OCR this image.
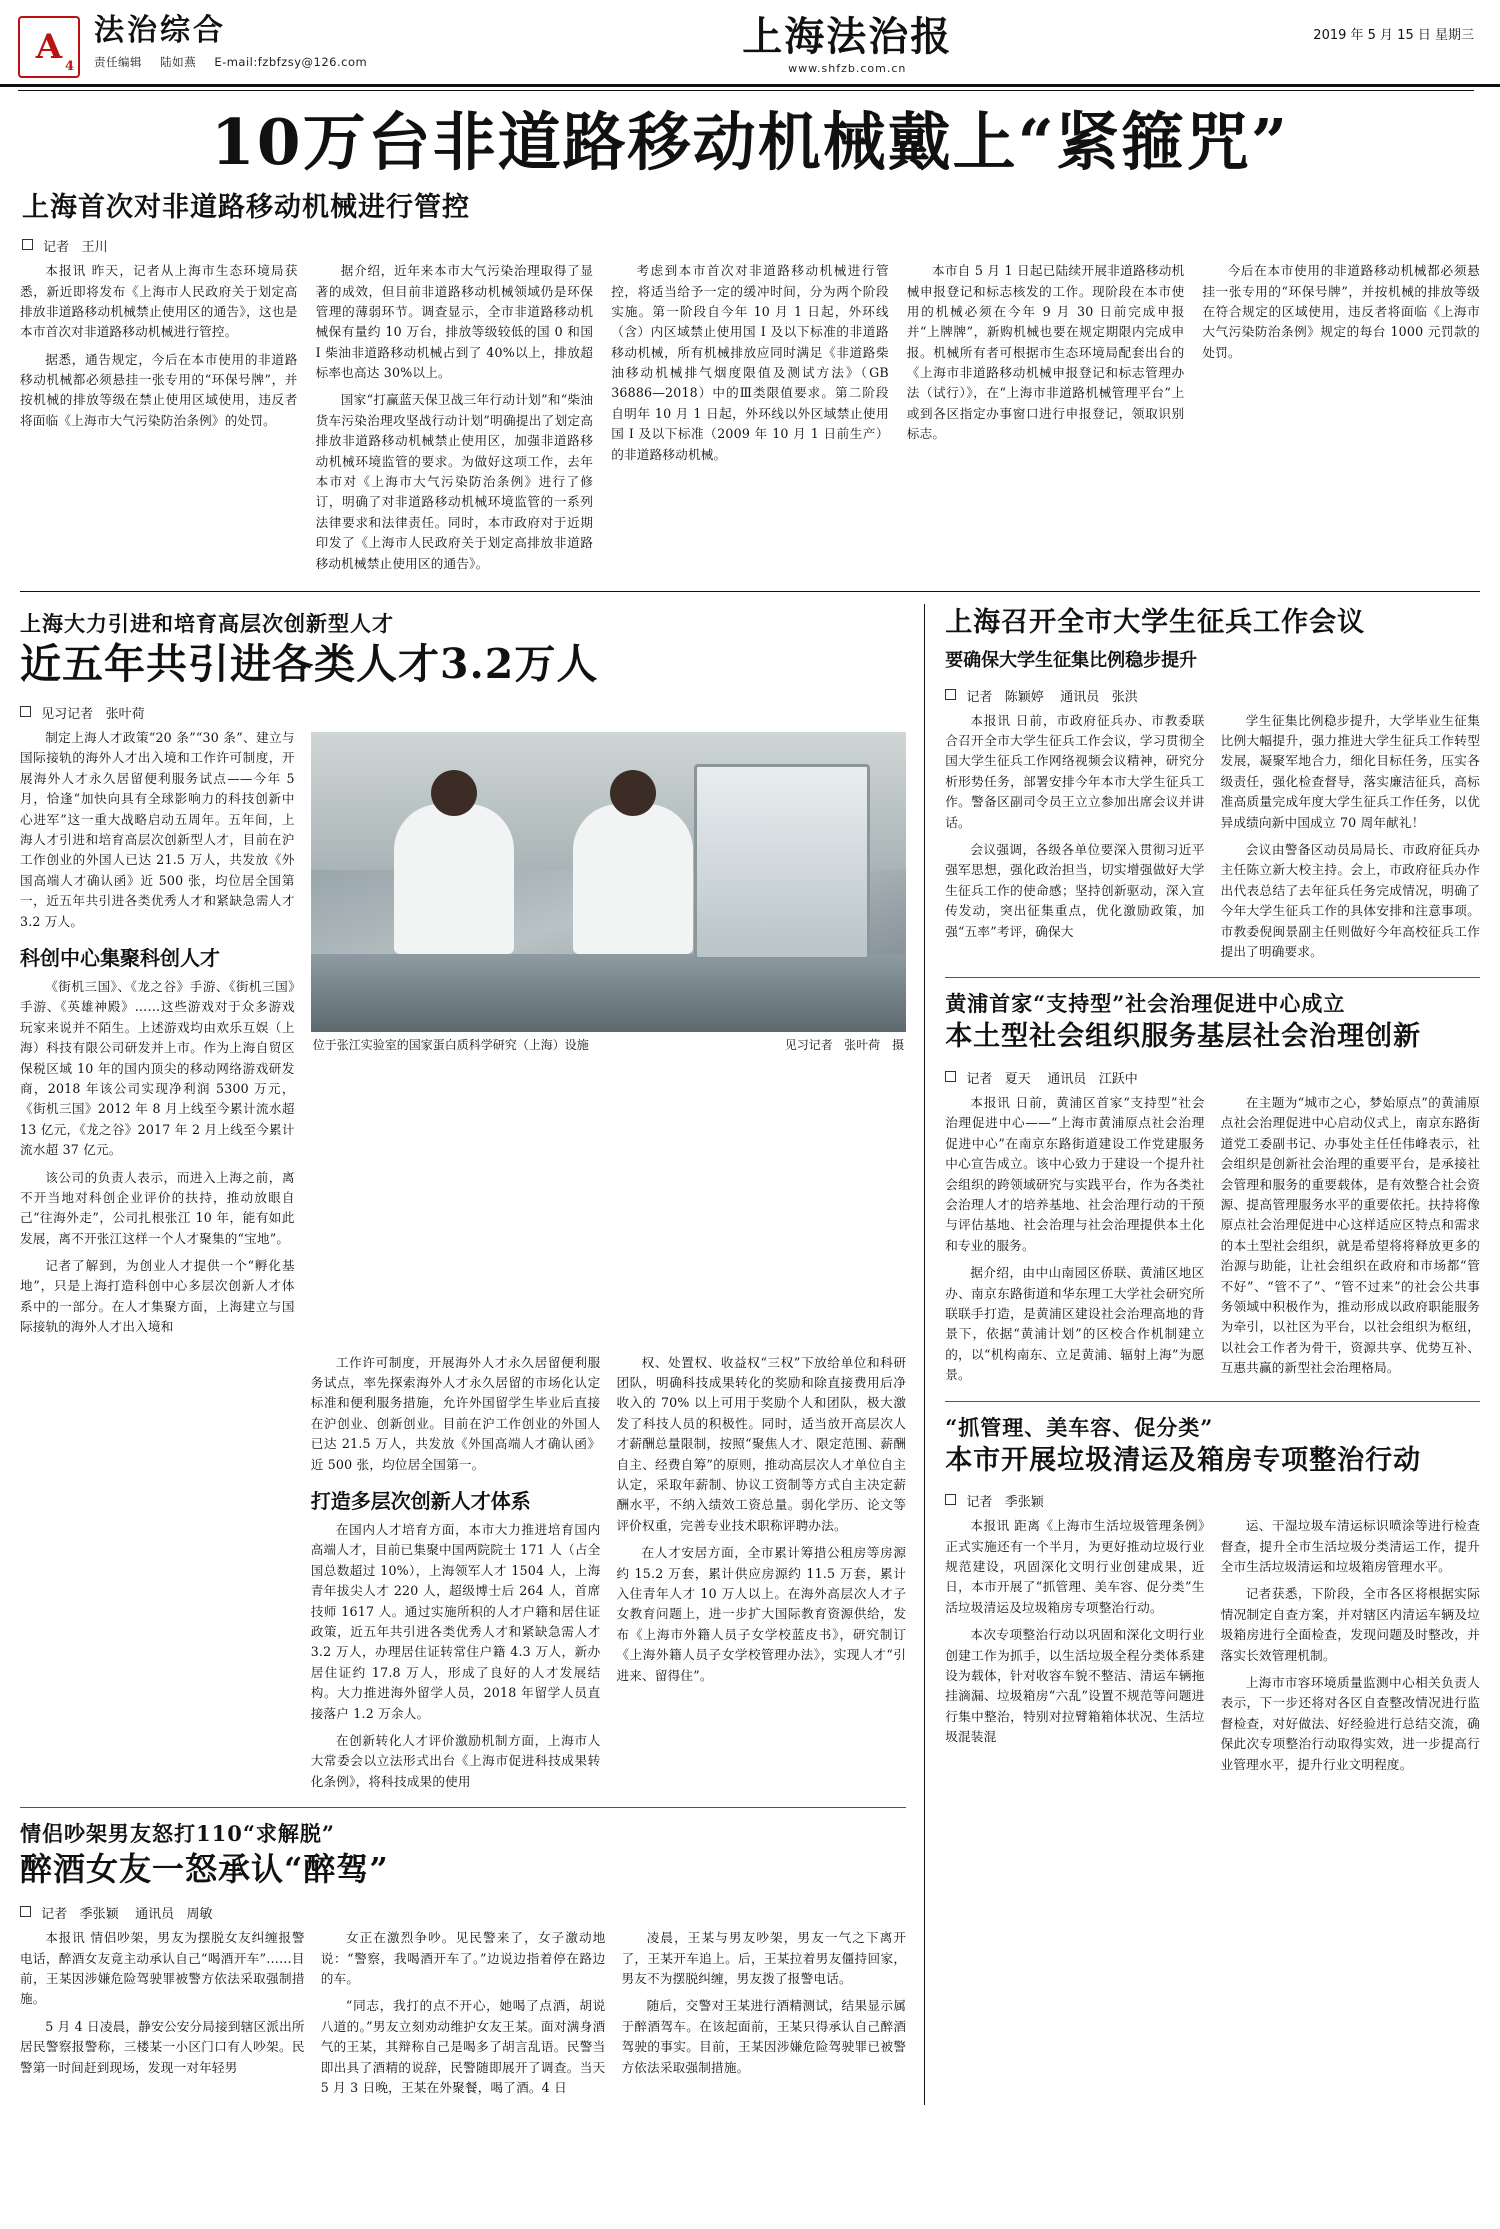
A 4
法治综合
责任编辑 陆如燕 E-mail:fzbfzsy@126.com
上海法治报
www.shfzb.com.cn
2019 年 5 月 15 日 星期三
10万台非道路移动机械戴上“紧箍咒”
上海首次对非道路移动机械进行管控
记者 王川

本报讯 昨天，记者从上海市生态环境局获悉，新近即将发布《上海市人民政府关于划定高排放非道路移动机械禁止使用区的通告》，这也是本市首次对非道路移动机械进行管控。

据悉，通告规定，今后在本市使用的非道路移动机械都必须悬挂一张专用的“环保号牌”，并按机械的排放等级在禁止使用区域使用，违反者将面临《上海市大气污染防治条例》的处罚。

据介绍，近年来本市大气污染治理取得了显著的成效，但目前非道路移动机械领域仍是环保管理的薄弱环节。调查显示，全市非道路移动机械保有量约 10 万台，排放等级较低的国 0 和国 I 柴油非道路移动机械占到了 40%以上，排放超标率也高达 30%以上。

国家“打赢蓝天保卫战三年行动计划”和“柴油货车污染治理攻坚战行动计划”明确提出了划定高排放非道路移动机械禁止使用区，加强非道路移动机械环境监管的要求。为做好这项工作，去年本市对《上海市大气污染防治条例》进行了修订，明确了对非道路移动机械环境监管的一系列法律要求和法律责任。同时，本市政府对于近期印发了《上海市人民政府关于划定高排放非道路移动机械禁止使用区的通告》。

考虑到本市首次对非道路移动机械进行管控，将适当给予一定的缓冲时间，分为两个阶段实施。第一阶段自今年 10 月 1 日起，外环线（含）内区域禁止使用国 I 及以下标准的非道路移动机械，所有机械排放应同时满足《非道路柴油移动机械排气烟度限值及测试方法》（GB 36886—2018）中的Ⅲ类限值要求。第二阶段自明年 10 月 1 日起，外环线以外区域禁止使用国 I 及以下标准（2009 年 10 月 1 日前生产）的非道路移动机械。

本市自 5 月 1 日起已陆续开展非道路移动机械申报登记和标志核发的工作。现阶段在本市使用的机械必须在今年 9 月 30 日前完成申报并“上牌牌”，新购机械也要在规定期限内完成申报。机械所有者可根据市生态环境局配套出台的《上海市非道路移动机械申报登记和标志管理办法（试行）》，在“上海市非道路机械管理平台”上或到各区指定办事窗口进行申报登记，领取识别标志。

今后在本市使用的非道路移动机械都必须悬挂一张专用的“环保号牌”，并按机械的排放等级在符合规定的区域使用，违反者将面临《上海市大气污染防治条例》规定的每台 1000 元罚款的处罚。

上海大力引进和培育高层次创新型人才
近五年共引进各类人才3.2万人
见习记者 张叶荷

制定上海人才政策“20 条”“30 条”、建立与国际接轨的海外人才出入境和工作许可制度，开展海外人才永久居留便利服务试点——今年 5 月，恰逢“加快向具有全球影响力的科技创新中心进军”这一重大战略启动五周年。五年间，上海人才引进和培育高层次创新型人才，目前在沪工作创业的外国人已达 21.5 万人，共发放《外国高端人才确认函》近 500 张，均位居全国第一，近五年共引进各类优秀人才和紧缺急需人才 3.2 万人。

科创中心集聚科创人才

《街机三国》、《龙之谷》手游、《街机三国》手游、《英雄神殿》……这些游戏对于众多游戏玩家来说并不陌生。上述游戏均由欢乐互娱（上海）科技有限公司研发并上市。作为上海自贸区保税区域 10 年的国内顶尖的移动网络游戏研发商，2018 年该公司实现净利润 5300 万元，《街机三国》2012 年 8 月上线至今累计流水超 13 亿元，《龙之谷》2017 年 2 月上线至今累计流水超 37 亿元。

该公司的负责人表示，而进入上海之前，离不开当地对科创企业评价的扶持，推动放眼自己“往海外走”，公司扎根张江 10 年，能有如此发展，离不开张江这样一个人才聚集的“宝地”。

记者了解到，为创业人才提供一个“孵化基地”，只是上海打造科创中心多层次创新人才体系中的一部分。在人才集聚方面，上海建立与国际接轨的海外人才出入境和

位于张江实验室的国家蛋白质科学研究（上海）设施	见习记者 张叶荷　摄

工作许可制度，开展海外人才永久居留便利服务试点，率先探索海外人才永久居留的市场化认定标准和便利服务措施，允许外国留学生毕业后直接在沪创业、创新创业。目前在沪工作创业的外国人已达 21.5 万人，共发放《外国高端人才确认函》近 500 张，均位居全国第一。

打造多层次创新人才体系

在国内人才培育方面，本市大力推进培育国内高端人才，目前已集聚中国两院院士 171 人（占全国总数超过 10%），上海领军人才 1504 人，上海青年拔尖人才 220 人，超级博士后 264 人，首席技师 1617 人。通过实施所积的人才户籍和居住证政策，近五年共引进各类优秀人才和紧缺急需人才 3.2 万人，办理居住证转常住户籍 4.3 万人，新办居住证约 17.8 万人，形成了良好的人才发展结构。大力推进海外留学人员，2018 年留学人员直接落户 1.2 万余人。

在创新转化人才评价激励机制方面，上海市人大常委会以立法形式出台《上海市促进科技成果转化条例》，将科技成果的使用

权、处置权、收益权“三权”下放给单位和科研团队，明确科技成果转化的奖励和除直接费用后净收入的 70% 以上可用于奖励个人和团队，极大激发了科技人员的积极性。同时，适当放开高层次人才薪酬总量限制，按照“聚焦人才、限定范围、薪酬自主、经费自筹”的原则，推动高层次人才单位自主认定，采取年薪制、协议工资制等方式自主决定薪酬水平，不纳入绩效工资总量。弱化学历、论文等评价权重，完善专业技术职称评聘办法。

在人才安居方面，全市累计筹措公租房等房源约 15.2 万套，累计供应房源约 11.5 万套，累计入住青年人才 10 万人以上。在海外高层次人才子女教育问题上，进一步扩大国际教育资源供给，发布《上海市外籍人员子女学校蓝皮书》，研究制订《上海外籍人员子女学校管理办法》，实现人才“引进来、留得住”。

情侣吵架男友怒打110“求解脱”
醉酒女友一怒承认“醉驾”
记者 季张颖 通讯员 周敏

本报讯 情侣吵架，男友为摆脱女友纠缠报警电话，醉酒女友竟主动承认自己“喝酒开车”……目前，王某因涉嫌危险驾驶罪被警方依法采取强制措施。

5 月 4 日凌晨，静安公安分局接到辖区派出所居民警察报警称，三楼某一小区门口有人吵架。民警第一时间赶到现场，发现一对年轻男

女正在激烈争吵。见民警来了，女子激动地说：“警察，我喝酒开车了。”边说边指着停在路边的车。

“同志，我打的点不开心，她喝了点酒，胡说八道的。”男友立刻劝动维护女友王某。面对满身酒气的王某，其辩称自己是喝多了胡言乱语。民警当即出具了酒精的说辞，民警随即展开了调查。当天 5 月 3 日晚，王某在外聚餐，喝了酒。4 日

凌晨，王某与男友吵架，男友一气之下离开了，王某开车追上。后，王某拉着男友僵持回家，男友不为摆脱纠缠，男友拨了报警电话。

随后，交警对王某进行酒精测试，结果显示属于醉酒驾车。在该起面前，王某只得承认自己醉酒驾驶的事实。目前，王某因涉嫌危险驾驶罪已被警方依法采取强制措施。

上海召开全市大学生征兵工作会议
要确保大学生征集比例稳步提升
记者 陈颖婷 通讯员 张洪

本报讯 日前，市政府征兵办、市教委联合召开全市大学生征兵工作会议，学习贯彻全国大学生征兵工作网络视频会议精神，研究分析形势任务，部署安排今年本市大学生征兵工作。警备区副司令员王立立参加出席会议并讲话。

会议强调，各级各单位要深入贯彻习近平强军思想，强化政治担当，切实增强做好大学生征兵工作的使命感；坚持创新驱动，深入宣传发动，突出征集重点，优化激励政策，加强“五率”考评，确保大

学生征集比例稳步提升，大学毕业生征集比例大幅提升，强力推进大学生征兵工作转型发展，凝聚军地合力，细化目标任务，压实各级责任，强化检查督导，落实廉洁征兵，高标准高质量完成年度大学生征兵工作任务，以优异成绩向新中国成立 70 周年献礼！

会议由警备区动员局局长、市政府征兵办主任陈立新大校主持。会上，市政府征兵办作出代表总结了去年征兵任务完成情况，明确了今年大学生征兵工作的具体安排和注意事项。市教委倪闽景副主任则做好今年高校征兵工作提出了明确要求。

黄浦首家“支持型”社会治理促进中心成立
本土型社会组织服务基层社会治理创新
记者 夏天 通讯员 江跃中

本报讯 日前，黄浦区首家“支持型”社会治理促进中心——“上海市黄浦原点社会治理促进中心”在南京东路街道建设工作党建服务中心宣告成立。该中心致力于建设一个提升社会组织的跨领域研究与实践平台，作为各类社会治理人才的培养基地、社会治理行动的干预与评估基地、社会治理与社会治理提供本土化和专业的服务。

据介绍，由中山南园区侨联、黄浦区地区办、南京东路街道和华东理工大学社会研究所联联手打造，是黄浦区建设社会治理高地的背景下，依据“黄浦计划”的区校合作机制建立的，以“机构南东、立足黄浦、辐射上海”为愿景。

在主题为“城市之心，梦始原点”的黄浦原点社会治理促进中心启动仪式上，南京东路街道党工委副书记、办事处主任任伟峰表示，社会组织是创新社会治理的重要平台，是承接社会管理和服务的重要载体，是有效整合社会资源、提高管理服务水平的重要依托。扶持将像原点社会治理促进中心这样适应区特点和需求的本土型社会组织，就是希望将将释放更多的治源与助能，让社会组织在政府和市场都“管不好”、“管不了”、“管不过来”的社会公共事务领域中积极作为，推动形成以政府职能服务为牵引，以社区为平台，以社会组织为枢纽，以社会工作者为骨干，资源共享、优势互补、互惠共赢的新型社会治理格局。

“抓管理、美车容、促分类”
本市开展垃圾清运及箱房专项整治行动
记者 季张颖

本报讯 距离《上海市生活垃圾管理条例》正式实施还有一个半月，为更好推动垃圾行业规范建设，巩固深化文明行业创建成果，近日，本市开展了“抓管理、美车容、促分类”生活垃圾清运及垃圾箱房专项整治行动。

本次专项整治行动以巩固和深化文明行业创建工作为抓手，以生活垃圾全程分类体系建设为载体，针对收容车貌不整洁、清运车辆拖挂滴漏、垃圾箱房“六乱”设置不规范等问题进行集中整治，特别对拉臂箱箱体状况、生活垃圾混装混

运、干湿垃圾车清运标识喷涂等进行检查督查，提升全市生活垃圾分类清运工作，提升全市生活垃圾清运和垃圾箱房管理水平。

记者获悉，下阶段，全市各区将根据实际情况制定自查方案，并对辖区内清运车辆及垃圾箱房进行全面检查，发现问题及时整改，并落实长效管理机制。

上海市市容环境质量监测中心相关负责人表示，下一步还将对各区自查整改情况进行监督检查，对好做法、好经验进行总结交流，确保此次专项整治行动取得实效，进一步提高行业管理水平，提升行业文明程度。
